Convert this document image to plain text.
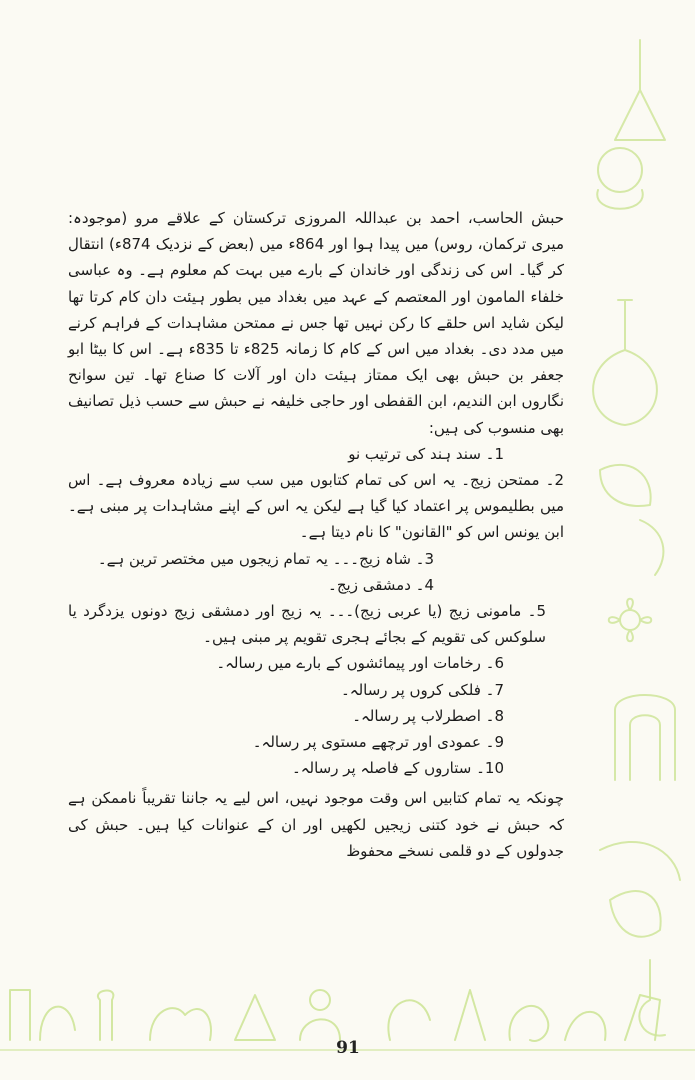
حبش الحاسب، احمد بن عبداللہ المروزی ترکستان کے علاقے مرو (موجودہ: میری ترکمان، روس) میں پیدا ہوا اور 864ء میں (بعض کے نزدیک 874ء) انتقال کر گیا۔ اس کی زندگی اور خاندان کے بارے میں بہت کم معلوم ہے۔ وہ عباسی خلفاء المامون اور المعتصم کے عہد میں بغداد میں بطور ہیئت دان کام کرتا تھا لیکن شاید اس حلقے کا رکن نہیں تھا جس نے ممتحن مشاہدات کے فراہم کرنے میں مدد دی۔ بغداد میں اس کے کام کا زمانہ 825ء تا 835ء ہے۔ اس کا بیٹا ابو جعفر بن حبش بھی ایک ممتاز ہیئت دان اور آلات کا صناع تھا۔ تین سوانح نگاروں ابن الندیم، ابن القفطی اور حاجی خلیفہ نے حبش سے حسب ذیل تصانیف بھی منسوب کی ہیں:

1۔ سند ہند کی ترتیب نو
2۔ ممتحن زیج۔ یہ اس کی تمام کتابوں میں سب سے زیادہ معروف ہے۔ اس میں بطلیموس پر اعتماد کیا گیا ہے لیکن یہ اس کے اپنے مشاہدات پر مبنی ہے۔ ابن یونس اس کو "القانون" کا نام دیتا ہے۔
3۔ شاہ زیج۔۔۔ یہ تمام زیجوں میں مختصر ترین ہے۔
4۔ دمشقی زیج۔
5۔ مامونی زیج (یا عربی زیج)۔۔۔ یہ زیج اور دمشقی زیج دونوں یزدگرد یا سلوکس کی تقویم کے بجائے ہجری تقویم پر مبنی ہیں۔
6۔ رخامات اور پیمائشوں کے بارے میں رسالہ۔
7۔ فلکی کروں پر رسالہ۔
8۔ اصطرلاب پر رسالہ۔
9۔ عمودی اور ترچھے مستوی پر رسالہ۔
10۔ ستاروں کے فاصلہ پر رسالہ۔

چونکہ یہ تمام کتابیں اس وقت موجود نہیں، اس لیے یہ جاننا تقریباً ناممکن ہے کہ حبش نے خود کتنی زیجیں لکھیں اور ان کے عنوانات کیا ہیں۔ حبش کی جدولوں کے دو قلمی نسخے محفوظ

91
